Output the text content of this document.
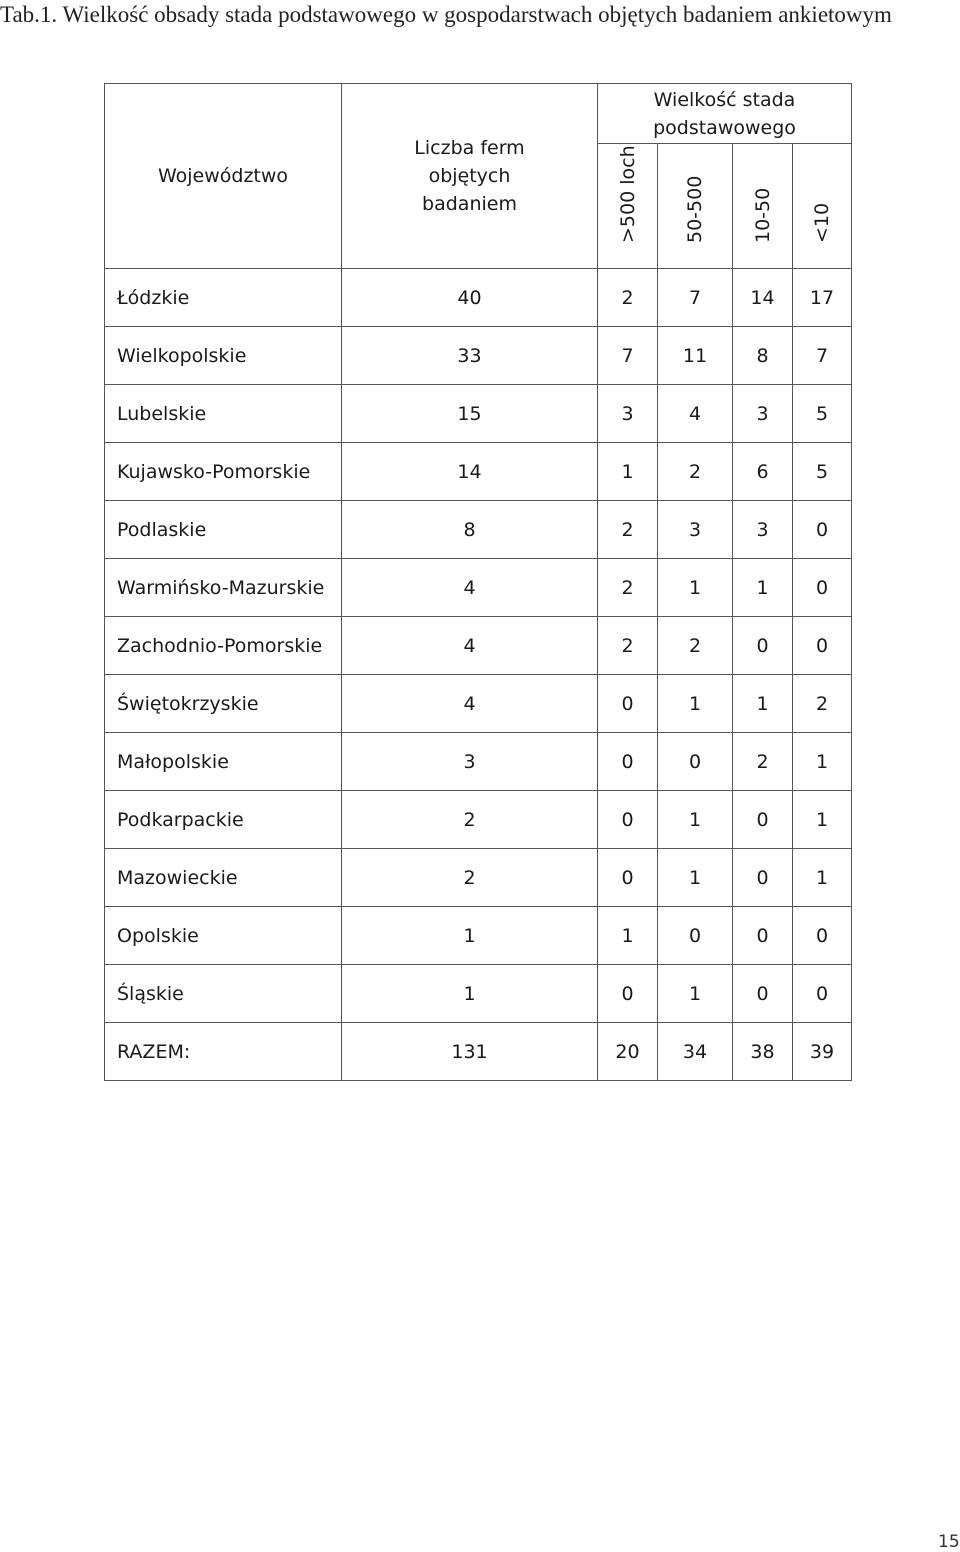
Tab.1. Wielkość obsady stada podstawowego w gospodarstwach objętych badaniem ankietowym
Województwo	Liczba ferm objętych badaniem	Wielkość stada podstawowego			

		>500 loch	50-500	10-50	<10

Łódzkie	40	2	7	14	17
Wielkopolskie	33	7	11	8	7
Lubelskie	15	3	4	3	5
Kujawsko-Pomorskie	14	1	2	6	5
Podlaskie	8	2	3	3	0
Warmińsko-Mazurskie	4	2	1	1	0
Zachodnio-Pomorskie	4	2	2	0	0
Świętokrzyskie	4	0	1	1	2
Małopolskie	3	0	0	2	1
Podkarpackie	2	0	1	0	1
Mazowieckie	2	0	1	0	1
Opolskie	1	1	0	0	0
Śląskie	1	0	1	0	0
RAZEM:	131	20	34	38	39
15
